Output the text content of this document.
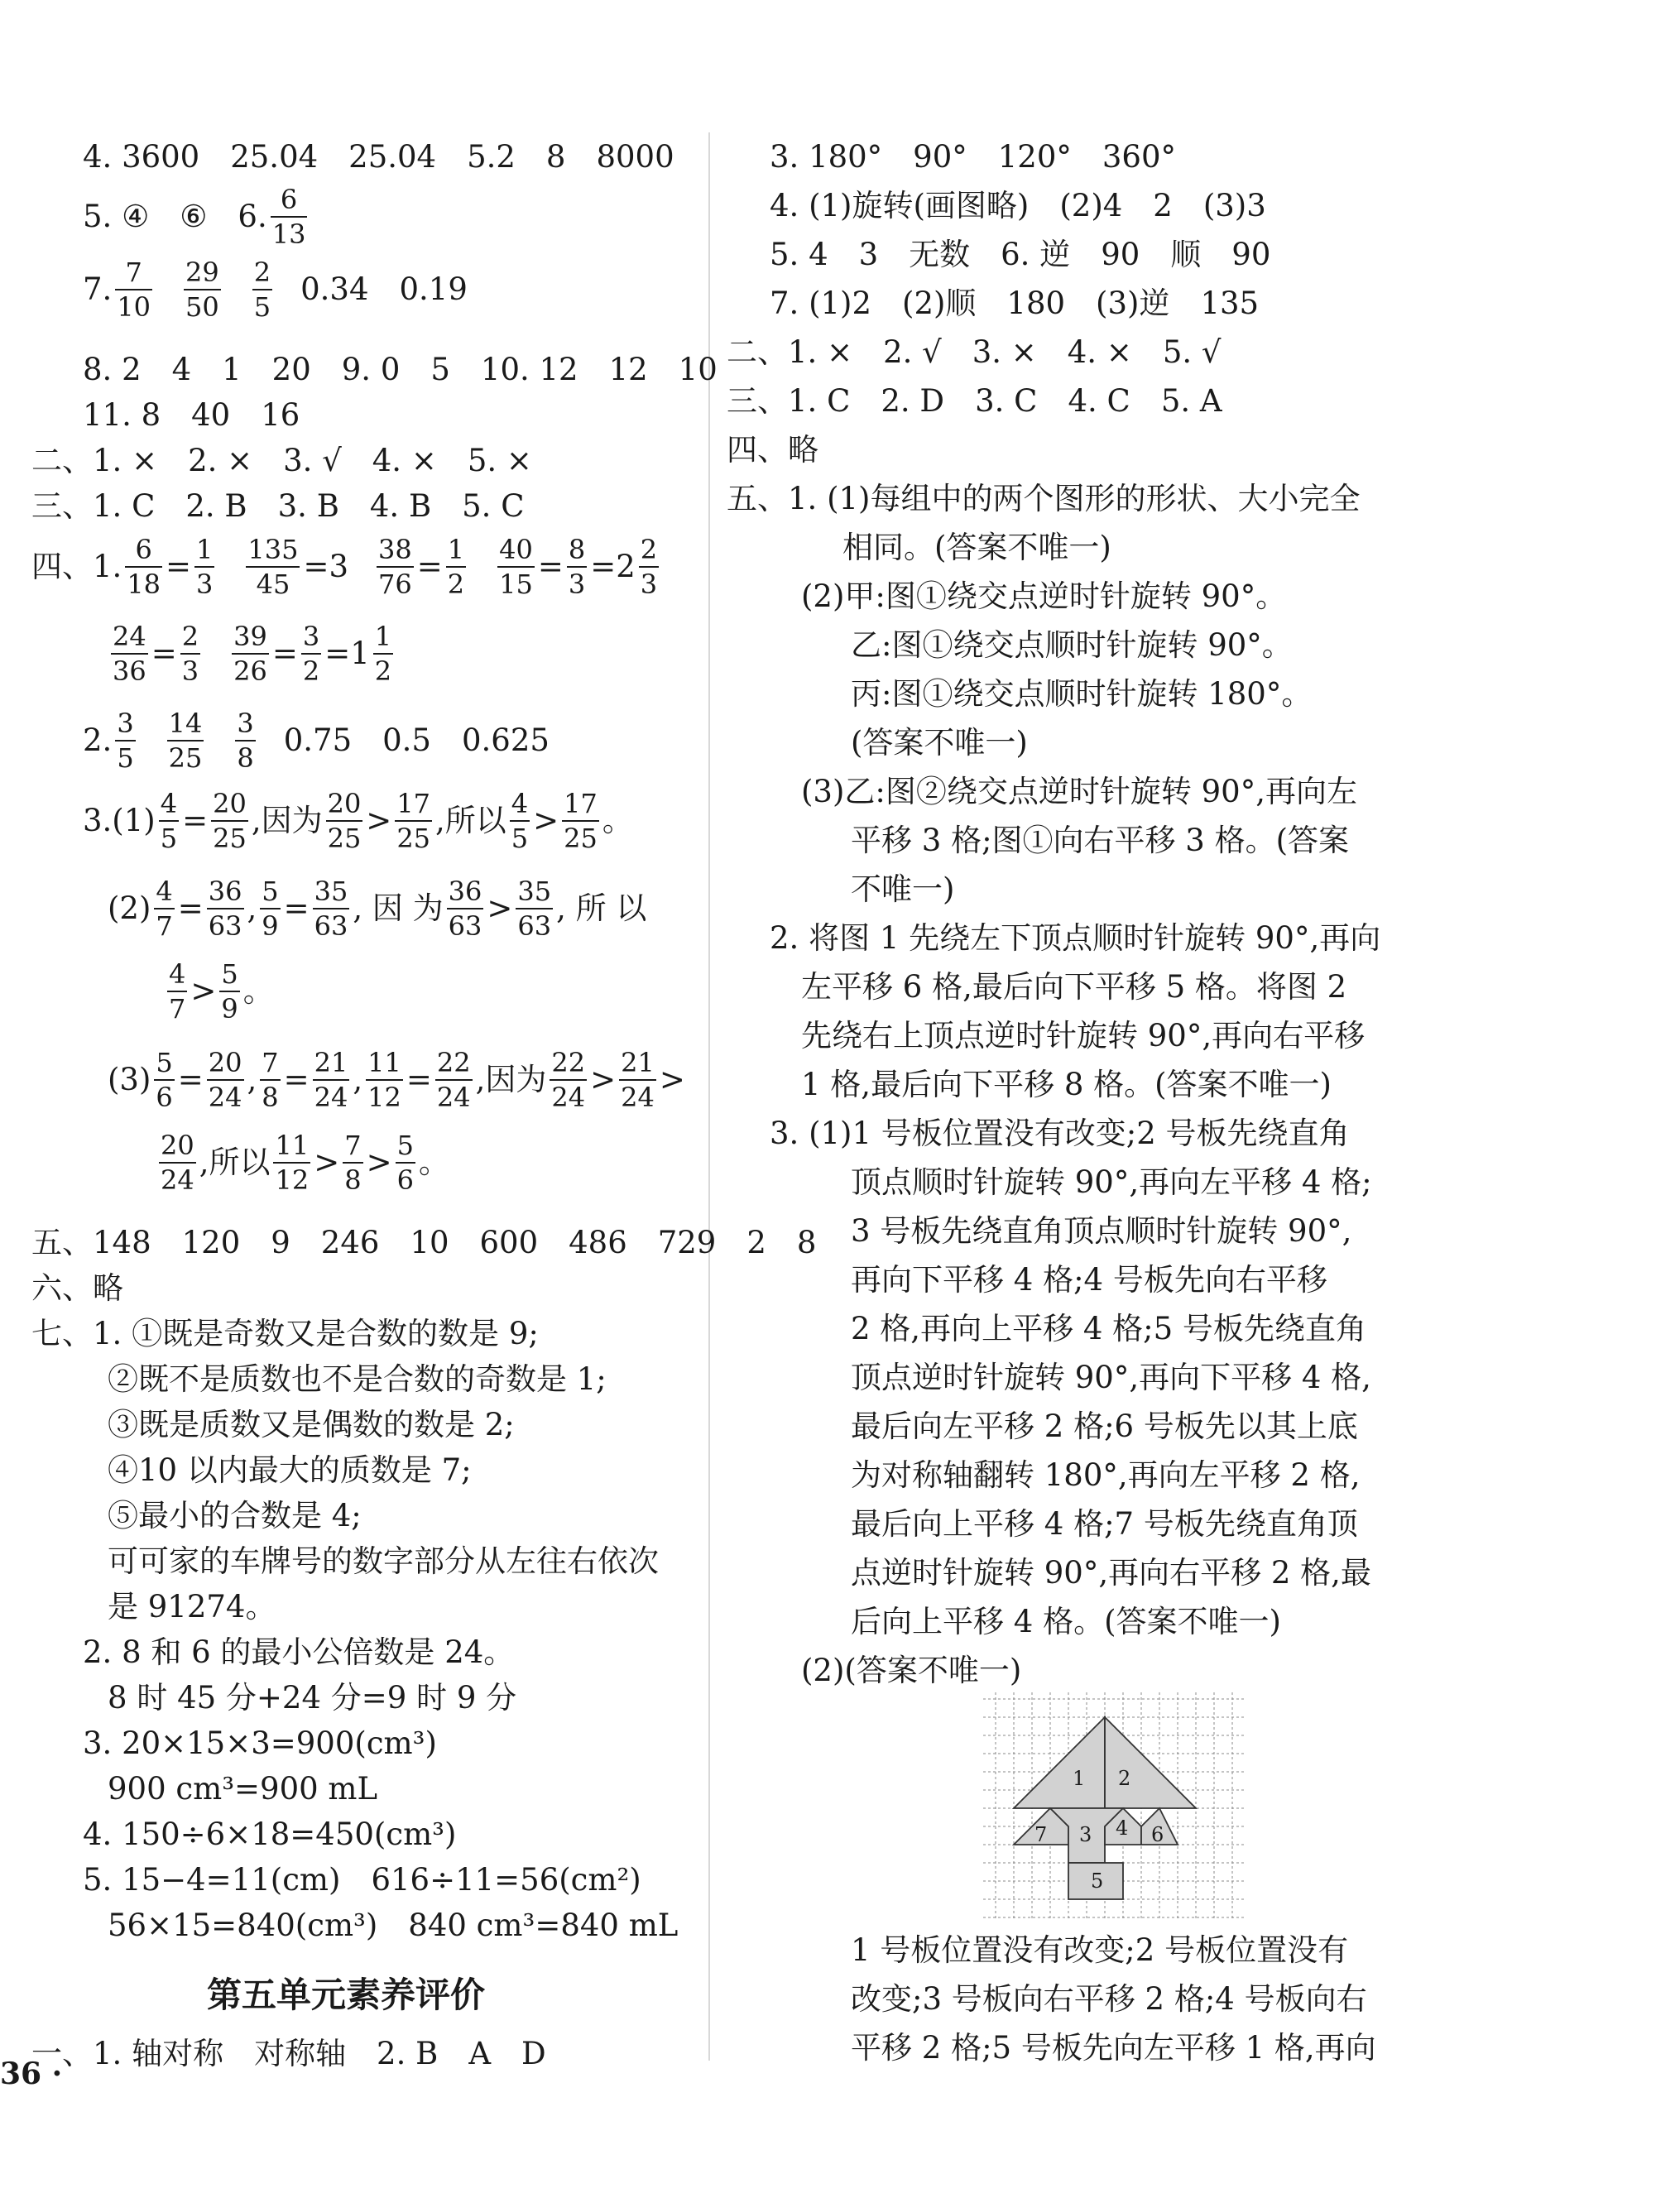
4. 3600　25.04　25.04　5.2　8　8000
5. ④　⑥　6. 6
13
7. 7
10
29
50
2
5 0.34　0.19
8. 2　4　1　20　9. 0　5　10. 12　12　10
11. 8　40　16
二、1. ×　2. ×　3. √　4. ×　5. ×
三、1. C　2. B　3. B　4. B　5. C
四、1. 6
18 = 1
3
135
45 =3 38
76 = 1
2
40
15 = 8
3 =2 2
3
24
36 = 2
3
39
26 = 3
2 =1 1
2
2. 3
5
14
25
3
8 0.75　0.5　0.625
3.(1) 4
5 = 20
25 ,因为 20
25 > 17
25 ,所以 4
5 > 17
25 。
(2) 4
7 = 36
63 , 5
9 = 35
63 , 因 为 36
63 > 35
63 , 所 以
4
7 > 5
9 。
(3) 5
6 = 20
24 , 7
8 = 21
24 , 11
12 = 22
24 ,因为 22
24 > 21
24 >
20
24 ,所以 11
12 > 7
8 > 5
6 。
五、148　120　9　246　10　600　486　729　2　8
六、略
七、1. ①既是奇数又是合数的数是 9;
②既不是质数也不是合数的奇数是 1;
③既是质数又是偶数的数是 2;
④10 以内最大的质数是 7;
⑤最小的合数是 4;
可可家的车牌号的数字部分从左往右依次
是 91274。
2. 8 和 6 的最小公倍数是 24。
8 时 45 分+24 分=9 时 9 分
3. 20×15×3=900(cm³)
900 cm³=900 mL
4. 150÷6×18=450(cm³)
5. 15−4=11(cm)　616÷11=56(cm²)
56×15=840(cm³)　840 cm³=840 mL
第五单元素养评价
一、1. 轴对称　对称轴　2. B　A　D
3. 180°　90°　120°　360°
4. (1)旋转(画图略)　(2)4　2　(3)3
5. 4　3　无数　6. 逆　90　顺　90
7. (1)2　(2)顺　180　(3)逆　135
二、1. ×　2. √　3. ×　4. ×　5. √
三、1. C　2. D　3. C　4. C　5. A
四、略
五、1. (1)每组中的两个图形的形状、大小完全
相同。(答案不唯一)
(2)甲:图①绕交点逆时针旋转 90°。
乙:图①绕交点顺时针旋转 90°。
丙:图①绕交点顺时针旋转 180°。
(答案不唯一)
(3)乙:图②绕交点逆时针旋转 90°,再向左
平移 3 格;图①向右平移 3 格。(答案
不唯一)
2. 将图 1 先绕左下顶点顺时针旋转 90°,再向
左平移 6 格,最后向下平移 5 格。将图 2
先绕右上顶点逆时针旋转 90°,再向右平移
1 格,最后向下平移 8 格。(答案不唯一)
3. (1)1 号板位置没有改变;2 号板先绕直角
顶点顺时针旋转 90°,再向左平移 4 格;
3 号板先绕直角顶点顺时针旋转 90°,
再向下平移 4 格;4 号板先向右平移
2 格,再向上平移 4 格;5 号板先绕直角
顶点逆时针旋转 90°,再向下平移 4 格,
最后向左平移 2 格;6 号板先以其上底
为对称轴翻转 180°,再向左平移 2 格,
最后向上平移 4 格;7 号板先绕直角顶
点逆时针旋转 90°,再向右平移 2 格,最
后向上平移 4 格。(答案不唯一)
(2)(答案不唯一)
1 号板位置没有改变;2 号板位置没有
改变;3 号板向右平移 2 格;4 号板向右
平移 2 格;5 号板先向左平移 1 格,再向
1 2
7 3 4 6
5
36 ·
